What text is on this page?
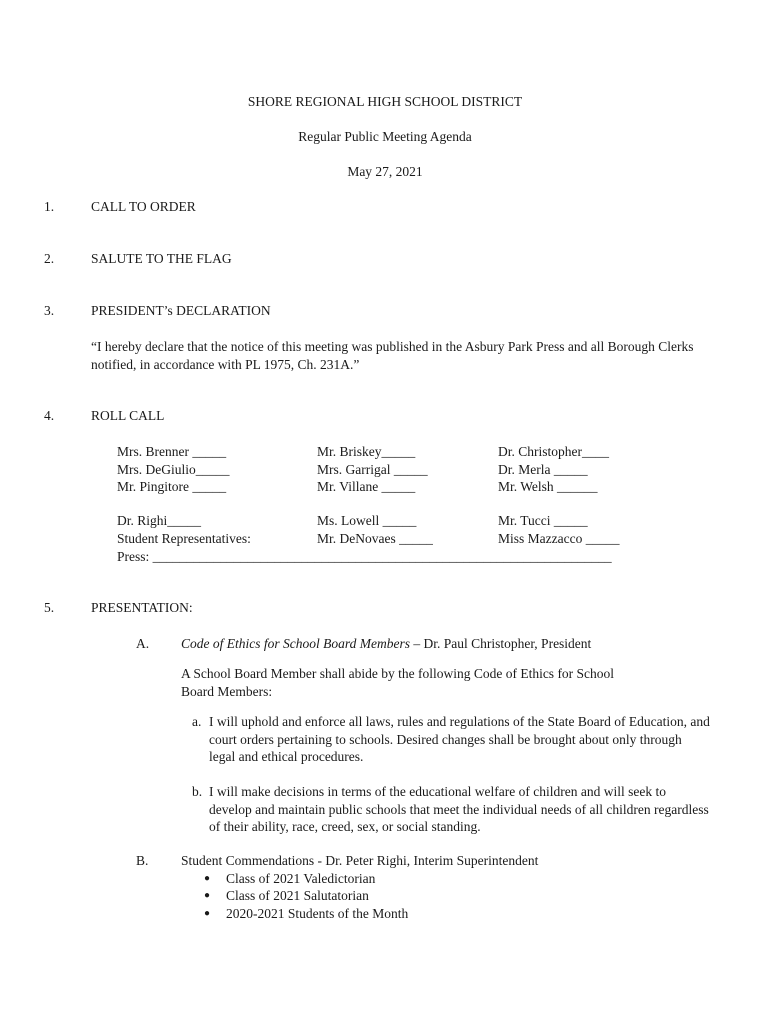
SHORE REGIONAL HIGH SCHOOL DISTRICT
Regular Public Meeting Agenda
May 27, 2021
1.	CALL TO ORDER
2.	SALUTE TO THE FLAG
3.	PRESIDENT’s DECLARATION
“I hereby declare that the notice of this meeting was published in the Asbury Park Press and all Borough Clerks
notified, in accordance with PL 1975, Ch. 231A.”
4.	ROLL CALL
Mrs. Brenner _____	Mr. Briskey_____	Dr. Christopher____
Mrs. DeGiulio_____	Mrs. Garrigal _____	Dr. Merla _____
Mr. Pingitore _____	Mr. Villane _____	Mr. Welsh ______
Dr. Righi_____	Ms. Lowell _____	Mr. Tucci _____
Student Representatives:	Mr. DeNovaes _____	Miss Mazzacco _____
Press: ____________________________________________________________________
5.	PRESENTATION:
A. Code of Ethics for School Board Members – Dr. Paul Christopher, President
A School Board Member shall abide by the following Code of Ethics for School
Board Members:
a. I will uphold and enforce all laws, rules and regulations of the State Board of Education, and
court orders pertaining to schools. Desired changes shall be brought about only through
legal and ethical procedures.
b. I will make decisions in terms of the educational welfare of children and will seek to
develop and maintain public schools that meet the individual needs of all children regardless
of their ability, race, creed, sex, or social standing.
B. Student Commendations - Dr. Peter Righi, Interim Superintendent
● Class of 2021 Valedictorian
● Class of 2021 Salutatorian
● 2020-2021 Students of the Month
